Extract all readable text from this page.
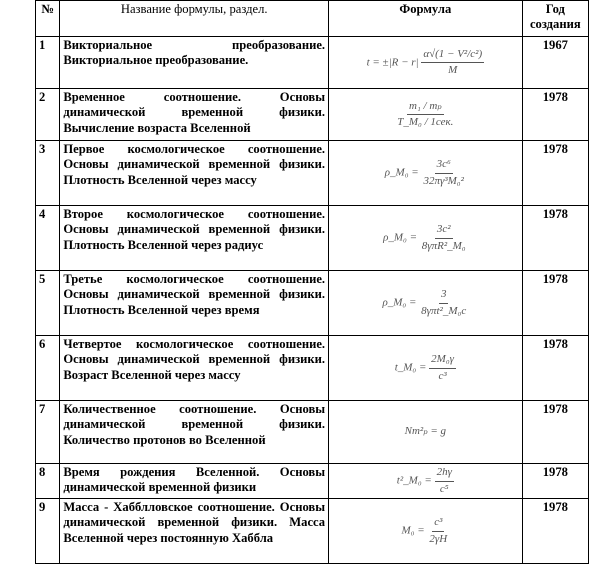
№	Название формулы, раздел.	Формула	Год создания
1	Викториальное преобразование. Викториальное преобразование.	$t = \pm|R - r| \frac{\text{α√(1 − V²/c²)}}{M}$	1967
2	Временное соотношение. Основы динамической временной физики. Вычисление возраста Вселенной	$\frac{\text{m₁ / mₚ}}{\text{T\_M₀ / 1сек.}}$	1978
3	Первое космологическое соотношение. Основы динамической временной физики. Плотность Вселенной через массу	ρ_M₀ = $\frac{\text{3c⁶}}{\text{32πγ³M₀²}}$	1978
4	Второе космологическое соотношение. Основы динамической временной физики. Плотность Вселенной через радиус	ρ_M₀ = $\frac{\text{3c²}}{\text{8γπR²\_M₀}}$	1978
5	Третье космологическое соотношение. Основы динамической временной физики. Плотность Вселенной через время	ρ_M₀ = $\frac{3}{\text{8γπt²\_M₀c}}$	1978
6	Четвертое космологическое соотношение. Основы динамической временной физики. Возраст Вселенной через массу	t_M₀ = $\frac{\text{2M₀γ}}{\text{c³}}$	1978
7	Количественное соотношение. Основы динамической временной физики. Количество протонов во Вселенной	Nm²ₚ = g	1978
8	Время рождения Вселенной. Основы динамической временной физики	t²_M₀ = $\frac{2h\gamma}{\text{c⁵}}$	1978
9	Масса - Хабблловское соотношение. Основы динамической временной физики. Масса Вселенной через постоянную Хаббла	$M_0 = \frac{\text{c³}}{2\gamma H}$	1978
